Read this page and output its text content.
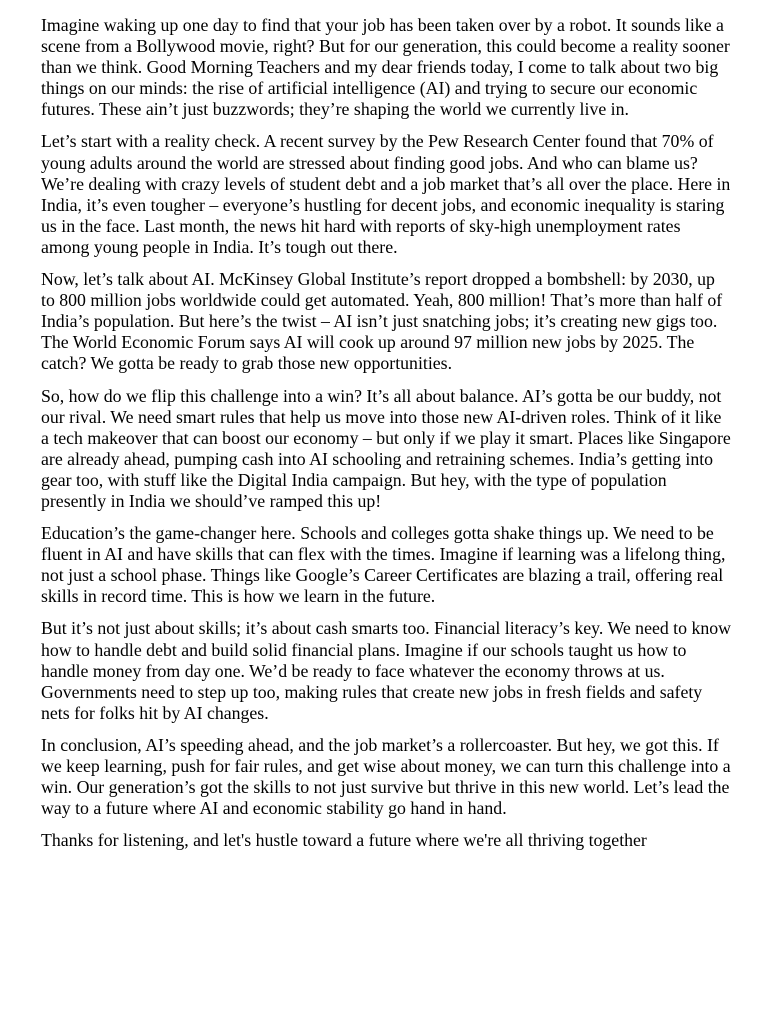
Imagine waking up one day to find that your job has been taken over by a robot. It sounds like a scene from a Bollywood movie, right? But for our generation, this could become a reality sooner than we think. Good Morning Teachers and my dear friends today, I come to talk about two big things on our minds: the rise of artificial intelligence (AI) and trying to secure our economic futures. These ain’t just buzzwords; they’re shaping the world we currently live in.

Let’s start with a reality check. A recent survey by the Pew Research Center found that 70% of young adults around the world are stressed about finding good jobs. And who can blame us? We’re dealing with crazy levels of student debt and a job market that’s all over the place. Here in India, it’s even tougher – everyone’s hustling for decent jobs, and economic inequality is staring us in the face. Last month, the news hit hard with reports of sky-high unemployment rates among young people in India. It’s tough out there.

Now, let’s talk about AI. McKinsey Global Institute’s report dropped a bombshell: by 2030, up to 800 million jobs worldwide could get automated. Yeah, 800 million! That’s more than half of India’s population. But here’s the twist – AI isn’t just snatching jobs; it’s creating new gigs too. The World Economic Forum says AI will cook up around 97 million new jobs by 2025. The catch? We gotta be ready to grab those new opportunities.

So, how do we flip this challenge into a win? It’s all about balance. AI’s gotta be our buddy, not our rival. We need smart rules that help us move into those new AI-driven roles. Think of it like a tech makeover that can boost our economy – but only if we play it smart. Places like Singapore are already ahead, pumping cash into AI schooling and retraining schemes. India’s getting into gear too, with stuff like the Digital India campaign. But hey, with the type of population presently in India we should’ve ramped this up!

Education’s the game-changer here. Schools and colleges gotta shake things up. We need to be fluent in AI and have skills that can flex with the times. Imagine if learning was a lifelong thing, not just a school phase. Things like Google’s Career Certificates are blazing a trail, offering real skills in record time. This is how we learn in the future.

But it’s not just about skills; it’s about cash smarts too. Financial literacy’s key. We need to know how to handle debt and build solid financial plans. Imagine if our schools taught us how to handle money from day one. We’d be ready to face whatever the economy throws at us. Governments need to step up too, making rules that create new jobs in fresh fields and safety nets for folks hit by AI changes.

In conclusion, AI’s speeding ahead, and the job market’s a rollercoaster. But hey, we got this. If we keep learning, push for fair rules, and get wise about money, we can turn this challenge into a win. Our generation’s got the skills to not just survive but thrive in this new world. Let’s lead the way to a future where AI and economic stability go hand in hand.

Thanks for listening, and let's hustle toward a future where we're all thriving together
